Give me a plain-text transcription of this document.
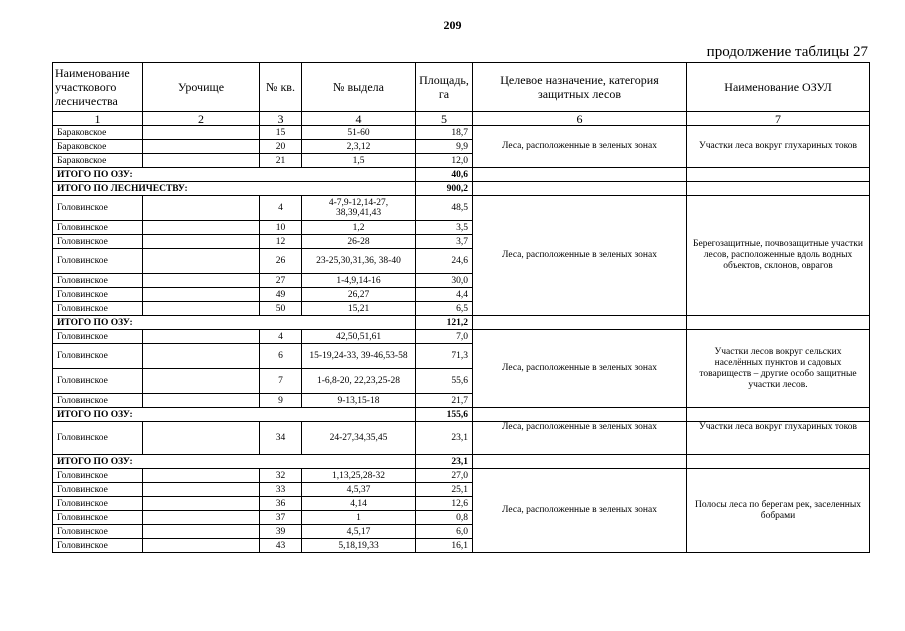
209
продолжение таблицы 27
Наименование участкового лесничества	Урочище	№ кв.	№ выдела	Площадь, га	Целевое назначение, категория защитных лесов	Наименование ОЗУЛ
1	2	3	4	5	6	7
Бараковское		15	51-60	18,7	Леса, расположенные в зеленых зонах	Участки леса вокруг глухариных токов
Бараковское		20	2,3,12	9,9		
Бараковское		21	1,5	12,0		
ИТОГО ПО ОЗУ:				40,6		
ИТОГО ПО ЛЕСНИЧЕСТВУ:				900,2		
Головинское		4	4-7,9-12,14-27, 38,39,41,43	48,5	Леса, расположенные в зеленых зонах	Берегозащитные, почвозащитные участки лесов, расположенные вдоль водных объектов, склонов, оврагов
Головинское		10	1,2	3,5		
Головинское		12	26-28	3,7		
Головинское		26	23-25,30,31,36, 38-40	24,6		
Головинское		27	1-4,9,14-16	30,0		
Головинское		49	26,27	4,4		
Головинское		50	15,21	6,5		
ИТОГО ПО ОЗУ:				121,2		
Головинское		4	42,50,51,61	7,0	Леса, расположенные в зеленых зонах	Участки лесов вокруг сельских населённых пунктов и садовых товариществ – другие особо защитные участки лесов.
Головинское		6	15-19,24-33, 39-46,53-58	71,3		
Головинское		7	1-6,8-20, 22,23,25-28	55,6		
Головинское		9	9-13,15-18	21,7		
ИТОГО ПО ОЗУ:				155,6		
Головинское		34	24-27,34,35,45	23,1	Леса, расположенные в зеленых зонах	Участки леса вокруг глухариных токов
ИТОГО ПО ОЗУ:				23,1		
Головинское		32	1,13,25,28-32	27,0	Леса, расположенные в зеленых зонах	Полосы леса по берегам рек, заселенных бобрами
Головинское		33	4,5,37	25,1		
Головинское		36	4,14	12,6		
Головинское		37	1	0,8		
Головинское		39	4,5,17	6,0		
Головинское		43	5,18,19,33	16,1		
